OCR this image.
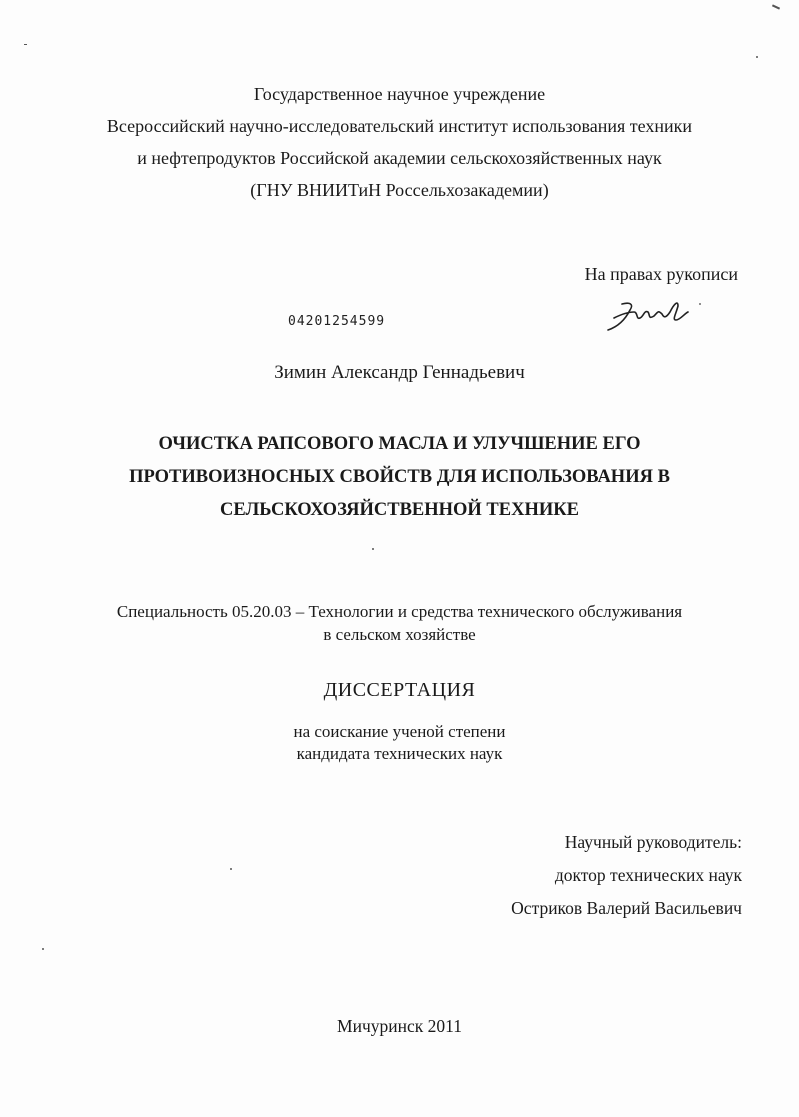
Государственное научное учреждение
Всероссийский научно-исследовательский институт использования техники
и нефтепродуктов Российской академии сельскохозяйственных наук
(ГНУ ВНИИТиН Россельхозакадемии)
На правах рукописи
04201254599
Зимин Александр Геннадьевич
ОЧИСТКА РАПСОВОГО МАСЛА И УЛУЧШЕНИЕ ЕГО
ПРОТИВОИЗНОСНЫХ СВОЙСТВ ДЛЯ ИСПОЛЬЗОВАНИЯ В
СЕЛЬСКОХОЗЯЙСТВЕННОЙ ТЕХНИКЕ
Специальность 05.20.03 – Технологии и средства технического обслуживания
в сельском хозяйстве
ДИССЕРТАЦИЯ
на соискание ученой степени
кандидата технических наук
Научный руководитель:
доктор технических наук
Остриков Валерий Васильевич
Мичуринск 2011
